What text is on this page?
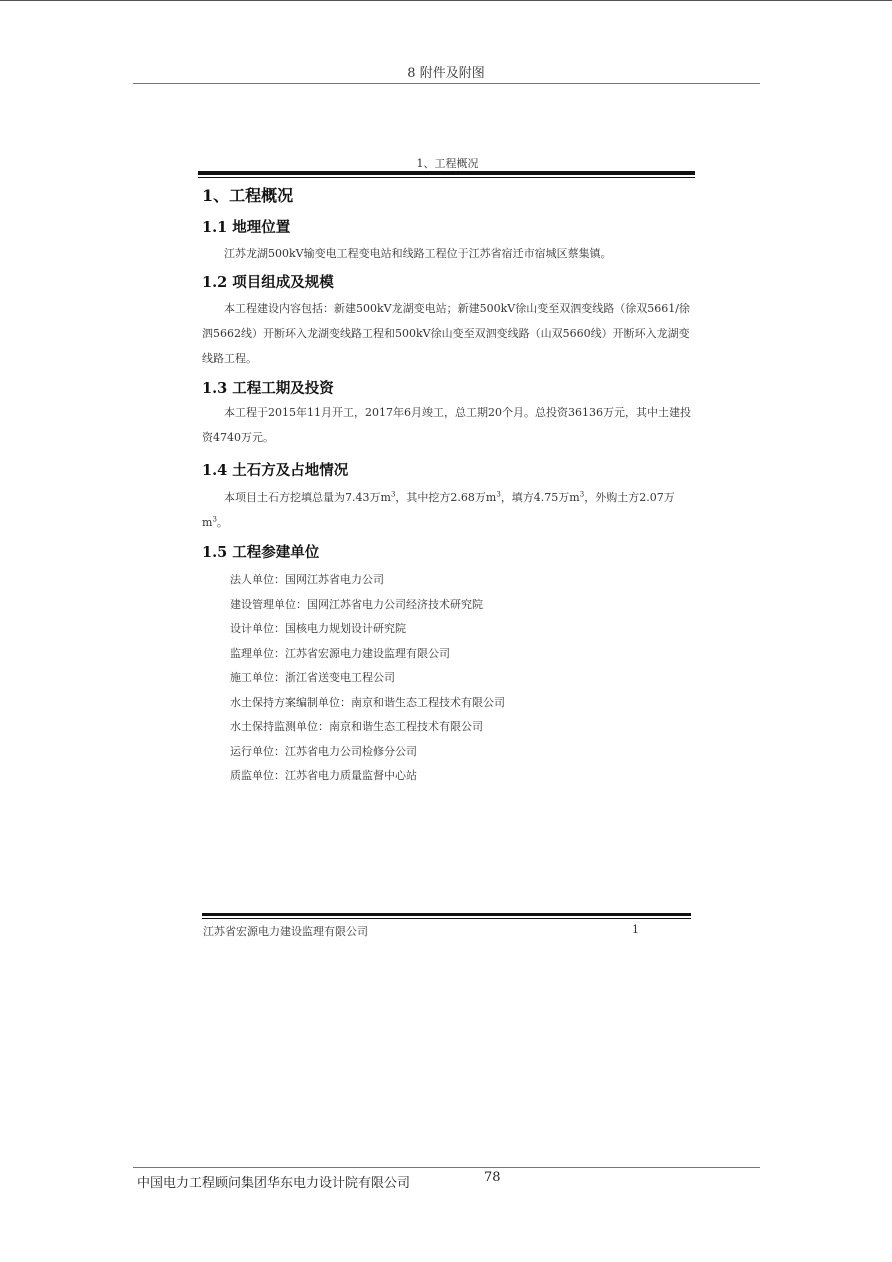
8 附件及附图
1、工程概况
1、工程概况
1.1 地理位置

江苏龙湖500kV输变电工程变电站和线路工程位于江苏省宿迁市宿城区蔡集镇。

1.2 项目组成及规模

本工程建设内容包括：新建500kV龙湖变电站；新建500kV徐山变至双泗变线路（徐双5661/徐泗5662线）开断环入龙湖变线路工程和500kV徐山变至双泗变线路（山双5660线）开断环入龙湖变线路工程。

1.3 工程工期及投资

本工程于2015年11月开工，2017年6月竣工，总工期20个月。总投资36136万元，其中土建投资4740万元。

1.4 土石方及占地情况

本项目土石方挖填总量为7.43万$m^3$，其中挖方2.68万$m^3$，填方4.75万$m^3$，外购土方2.07万$m^3$。

1.5 工程参建单位
法人单位：国网江苏省电力公司
建设管理单位：国网江苏省电力公司经济技术研究院
设计单位：国核电力规划设计研究院
监理单位：江苏省宏源电力建设监理有限公司
施工单位：浙江省送变电工程公司
水土保持方案编制单位：南京和谐生态工程技术有限公司
水土保持监测单位：南京和谐生态工程技术有限公司
运行单位：江苏省电力公司检修分公司
质监单位：江苏省电力质量监督中心站
江苏省宏源电力建设监理有限公司	1
中国电力工程顾问集团华东电力设计院有限公司	78
